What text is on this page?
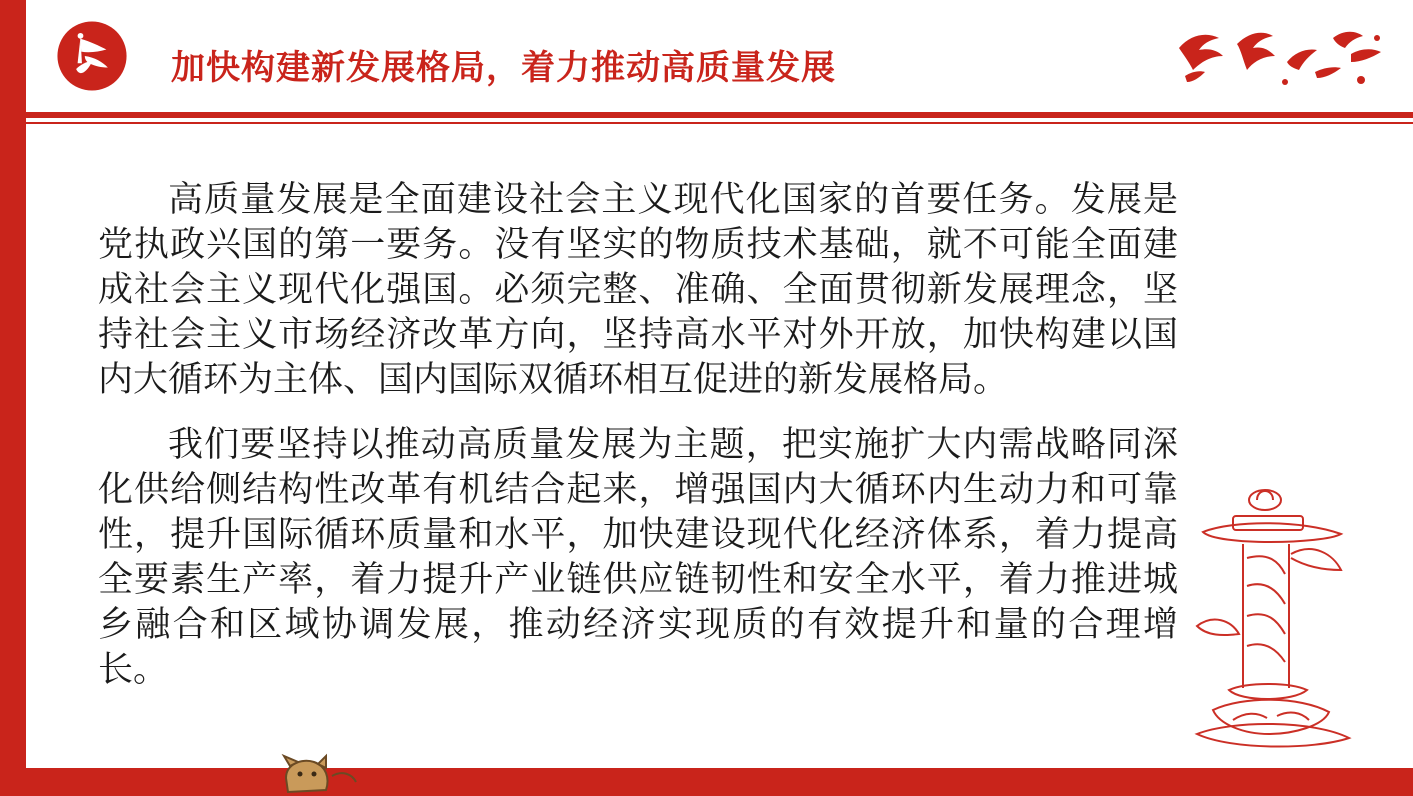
加快构建新发展格局，着力推动高质量发展
高质量发展是全面建设社会主义现代化国家的首要任务。发展是党执政兴国的第一要务。没有坚实的物质技术基础，就不可能全面建成社会主义现代化强国。必须完整、准确、全面贯彻新发展理念，坚持社会主义市场经济改革方向，坚持高水平对外开放，加快构建以国内大循环为主体、国内国际双循环相互促进的新发展格局。
我们要坚持以推动高质量发展为主题，把实施扩大内需战略同深化供给侧结构性改革有机结合起来，增强国内大循环内生动力和可靠性，提升国际循环质量和水平，加快建设现代化经济体系，着力提高全要素生产率，着力提升产业链供应链韧性和安全水平，着力推进城乡融合和区域协调发展，推动经济实现质的有效提升和量的合理增长。
